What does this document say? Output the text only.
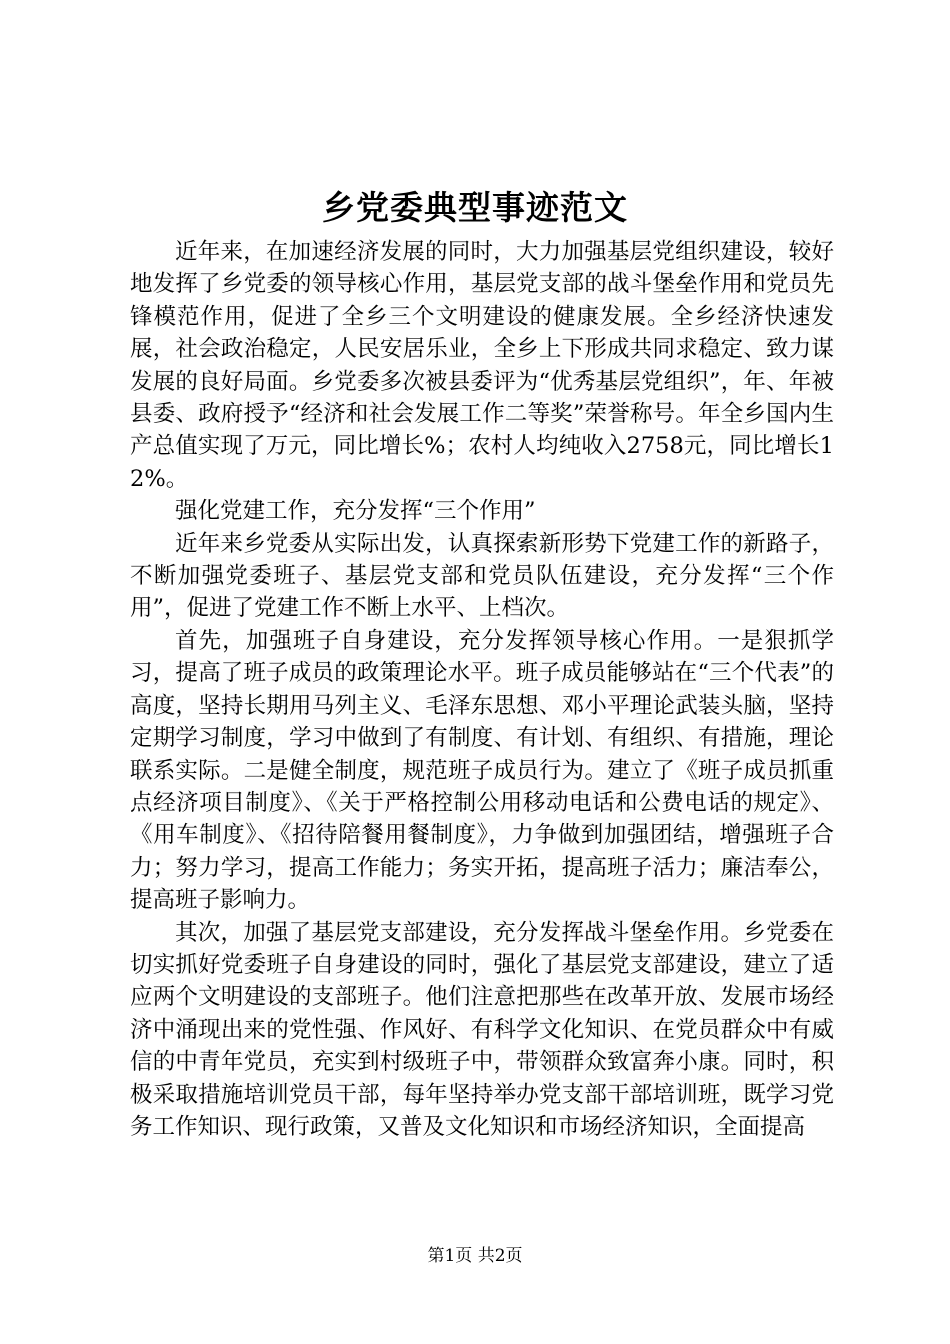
乡党委典型事迹范文

近年来，在加速经济发展的同时，大力加强基层党组织建设，较好地发挥了乡党委的领导核心作用，基层党支部的战斗堡垒作用和党员先锋模范作用，促进了全乡三个文明建设的健康发展。全乡经济快速发展，社会政治稳定，人民安居乐业，全乡上下形成共同求稳定、致力谋发展的良好局面。乡党委多次被县委评为“优秀基层党组织”，年、年被县委、政府授予“经济和社会发展工作二等奖”荣誉称号。年全乡国内生产总值实现了万元，同比增长%；农村人均纯收入2758元，同比增长12%。

强化党建工作，充分发挥“三个作用”

近年来乡党委从实际出发，认真探索新形势下党建工作的新路子，不断加强党委班子、基层党支部和党员队伍建设，充分发挥“三个作用”，促进了党建工作不断上水平、上档次。

首先，加强班子自身建设，充分发挥领导核心作用。一是狠抓学习，提高了班子成员的政策理论水平。班子成员能够站在“三个代表”的高度，坚持长期用马列主义、毛泽东思想、邓小平理论武装头脑，坚持定期学习制度，学习中做到了有制度、有计划、有组织、有措施，理论联系实际。二是健全制度，规范班子成员行为。建立了《班子成员抓重点经济项目制度》、《关于严格控制公用移动电话和公费电话的规定》、《用车制度》、《招待陪餐用餐制度》，力争做到加强团结，增强班子合力；努力学习，提高工作能力；务实开拓，提高班子活力；廉洁奉公，提高班子影响力。

其次，加强了基层党支部建设，充分发挥战斗堡垒作用。乡党委在切实抓好党委班子自身建设的同时，强化了基层党支部建设，建立了适应两个文明建设的支部班子。他们注意把那些在改革开放、发展市场经济中涌现出来的党性强、作风好、有科学文化知识、在党员群众中有威信的中青年党员，充实到村级班子中，带领群众致富奔小康。同时，积极采取措施培训党员干部，每年坚持举办党支部干部培训班，既学习党务工作知识、现行政策，又普及文化知识和市场经济知识，全面提高

第1页 共2页
